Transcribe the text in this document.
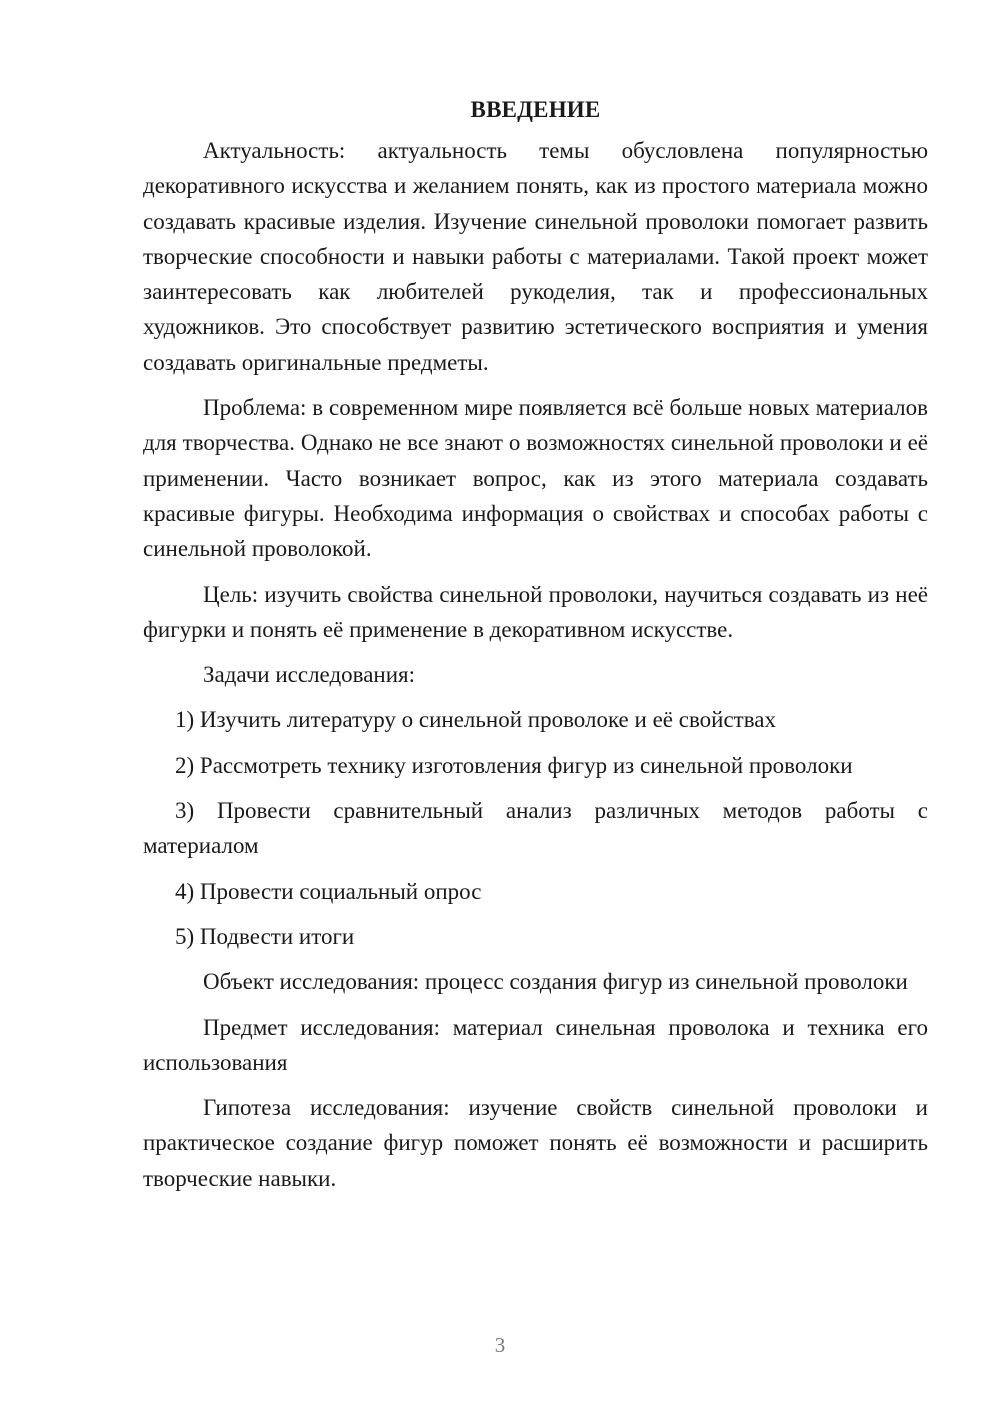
ВВЕДЕНИЕ

Актуальность: актуальность темы обусловлена популярностью декоративного искусства и желанием понять, как из простого материала можно создавать красивые изделия. Изучение синельной проволоки помогает развить творческие способности и навыки работы с материалами. Такой проект может заинтересовать как любителей рукоделия, так и профессиональных художников. Это способствует развитию эстетического восприятия и умения создавать оригинальные предметы.

Проблема: в современном мире появляется всё больше новых материалов для творчества. Однако не все знают о возможностях синельной проволоки и её применении. Часто возникает вопрос, как из этого материала создавать красивые фигуры. Необходима информация о свойствах и способах работы с синельной проволокой.

Цель: изучить свойства синельной проволоки, научиться создавать из неё фигурки и понять её применение в декоративном искусстве.

Задачи исследования:

1) Изучить литературу о синельной проволоке и её свойствах

2) Рассмотреть технику изготовления фигур из синельной проволоки

3) Провести сравнительный анализ различных методов работы с материалом

4) Провести социальный опрос

5) Подвести итоги

Объект исследования: процесс создания фигур из синельной проволоки

Предмет исследования: материал синельная проволока и техника его использования

Гипотеза исследования: изучение свойств синельной проволоки и практическое создание фигур поможет понять её возможности и расширить творческие навыки.

3
